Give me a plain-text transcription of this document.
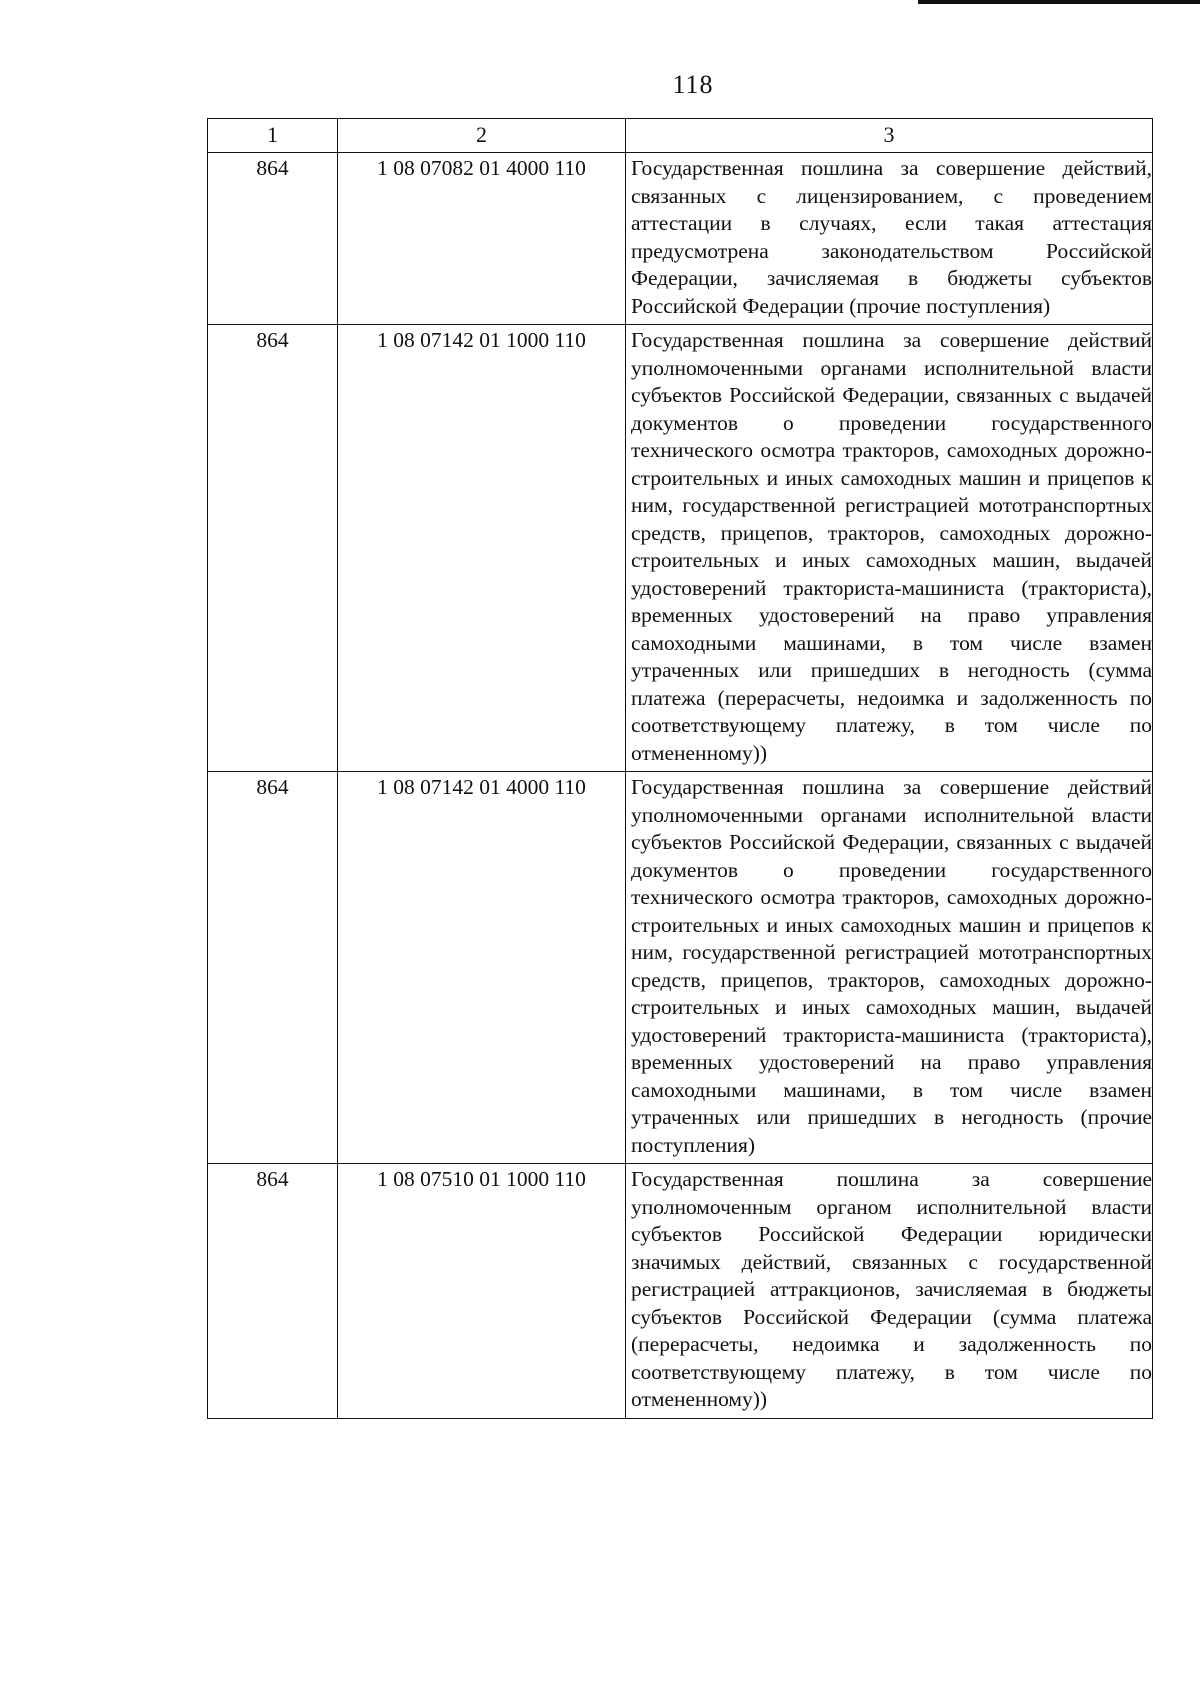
118
1	2	3
864	1 08 07082 01 4000 110	Государственная пошлина за совершение действий, связанных с лицензированием, с проведением аттестации в случаях, если такая аттестация предусмотрена законодательством Российской Федерации, зачисляемая в бюджеты субъектов Российской Федерации (прочие поступления)
864	1 08 07142 01 1000 110	Государственная пошлина за совершение действий уполномоченными органами исполнительной власти субъектов Российской Федерации, связанных с выдачей документов о проведении государственного технического осмотра тракторов, самоходных дорожно-строительных и иных самоходных машин и прицепов к ним, государственной регистрацией мототранспортных средств, прицепов, тракторов, самоходных дорожно-строительных и иных самоходных машин, выдачей удостоверений тракториста-машиниста (тракториста), временных удостоверений на право управления самоходными машинами, в том числе взамен утраченных или пришедших в негодность (сумма платежа (перерасчеты, недоимка и задолженность по соответствующему платежу, в том числе по отмененному))
864	1 08 07142 01 4000 110	Государственная пошлина за совершение действий уполномоченными органами исполнительной власти субъектов Российской Федерации, связанных с выдачей документов о проведении государственного технического осмотра тракторов, самоходных дорожно-строительных и иных самоходных машин и прицепов к ним, государственной регистрацией мототранспортных средств, прицепов, тракторов, самоходных дорожно-строительных и иных самоходных машин, выдачей удостоверений тракториста-машиниста (тракториста), временных удостоверений на право управления самоходными машинами, в том числе взамен утраченных или пришедших в негодность (прочие поступления)
864	1 08 07510 01 1000 110	Государственная пошлина за совершение уполномоченным органом исполнительной власти субъектов Российской Федерации юридически значимых действий, связанных с государственной регистрацией аттракционов, зачисляемая в бюджеты субъектов Российской Федерации (сумма платежа (перерасчеты, недоимка и задолженность по соответствующему платежу, в том числе по отмененному))
